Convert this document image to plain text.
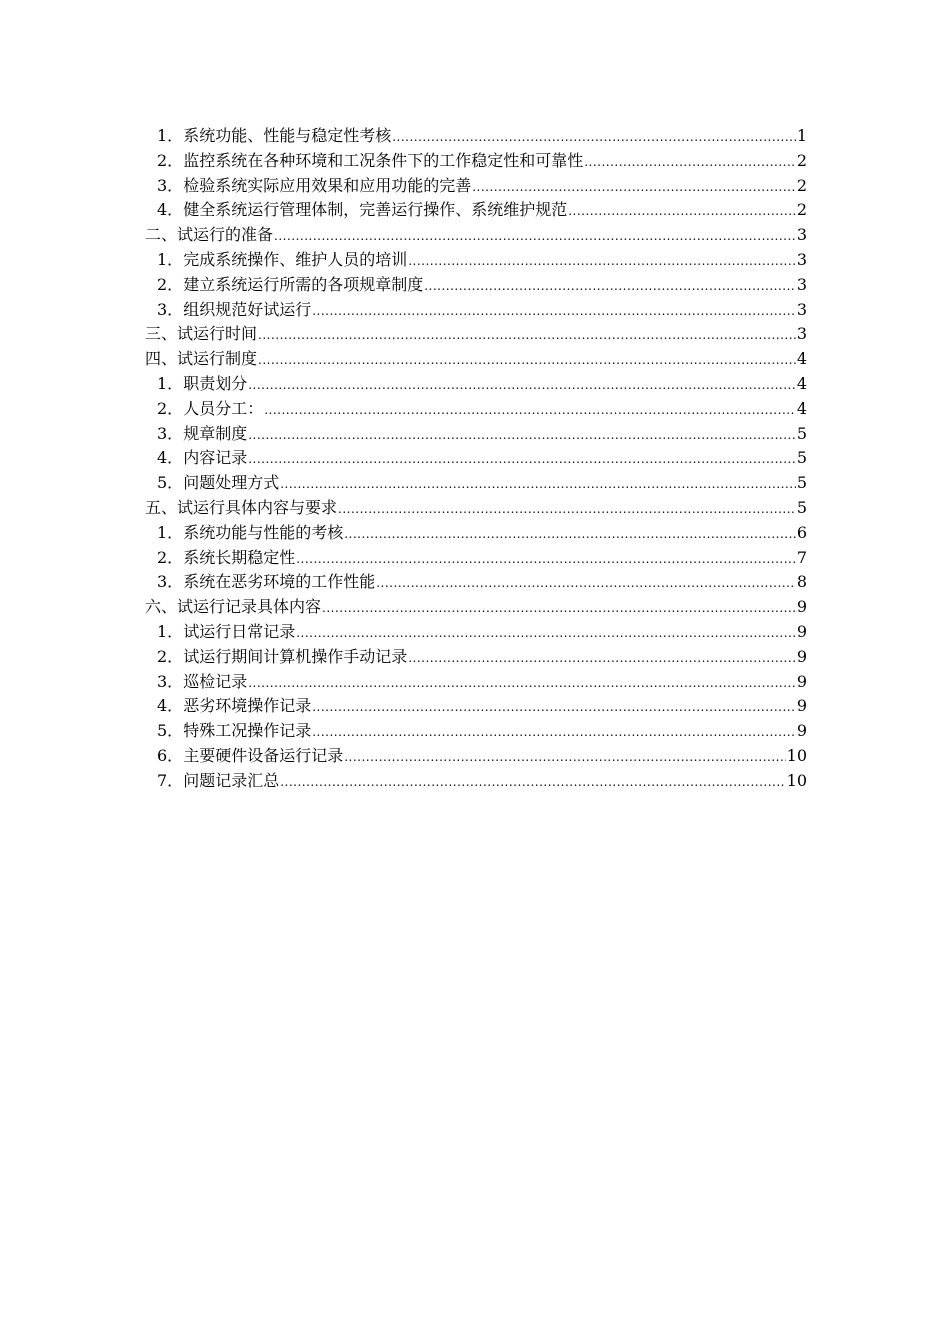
1． 系统功能、性能与稳定性考核 .....	1
2． 监控系统在各种环境和工况条件下的工作稳定性和可靠性 .....	2
3． 检验系统实际应用效果和应用功能的完善 .....	2
4． 健全系统运行管理体制，完善运行操作、系统维护规范 .....	2
二、 试运行的准备 .....	3
1． 完成系统操作、维护人员的培训 .....	3
2． 建立系统运行所需的各项规章制度 .....	3
3． 组织规范好试运行 .....	3
三、 试运行时间 .....	3
四、 试运行制度 .....	4
1． 职责划分 .....	4
2． 人员分工： .....	4
3． 规章制度 .....	5
4． 内容记录 .....	5
5． 问题处理方式 .....	5
五、 试运行具体内容与要求 .....	5
1． 系统功能与性能的考核 .....	6
2． 系统长期稳定性 .....	7
3． 系统在恶劣环境的工作性能 .....	8
六、 试运行记录具体内容 .....	9
1． 试运行日常记录 .....	9
2． 试运行期间计算机操作手动记录 .....	9
3． 巡检记录 .....	9
4． 恶劣环境操作记录 .....	9
5． 特殊工况操作记录 .....	9
6． 主要硬件设备运行记录 .....	10
7． 问题记录汇总 .....	10
